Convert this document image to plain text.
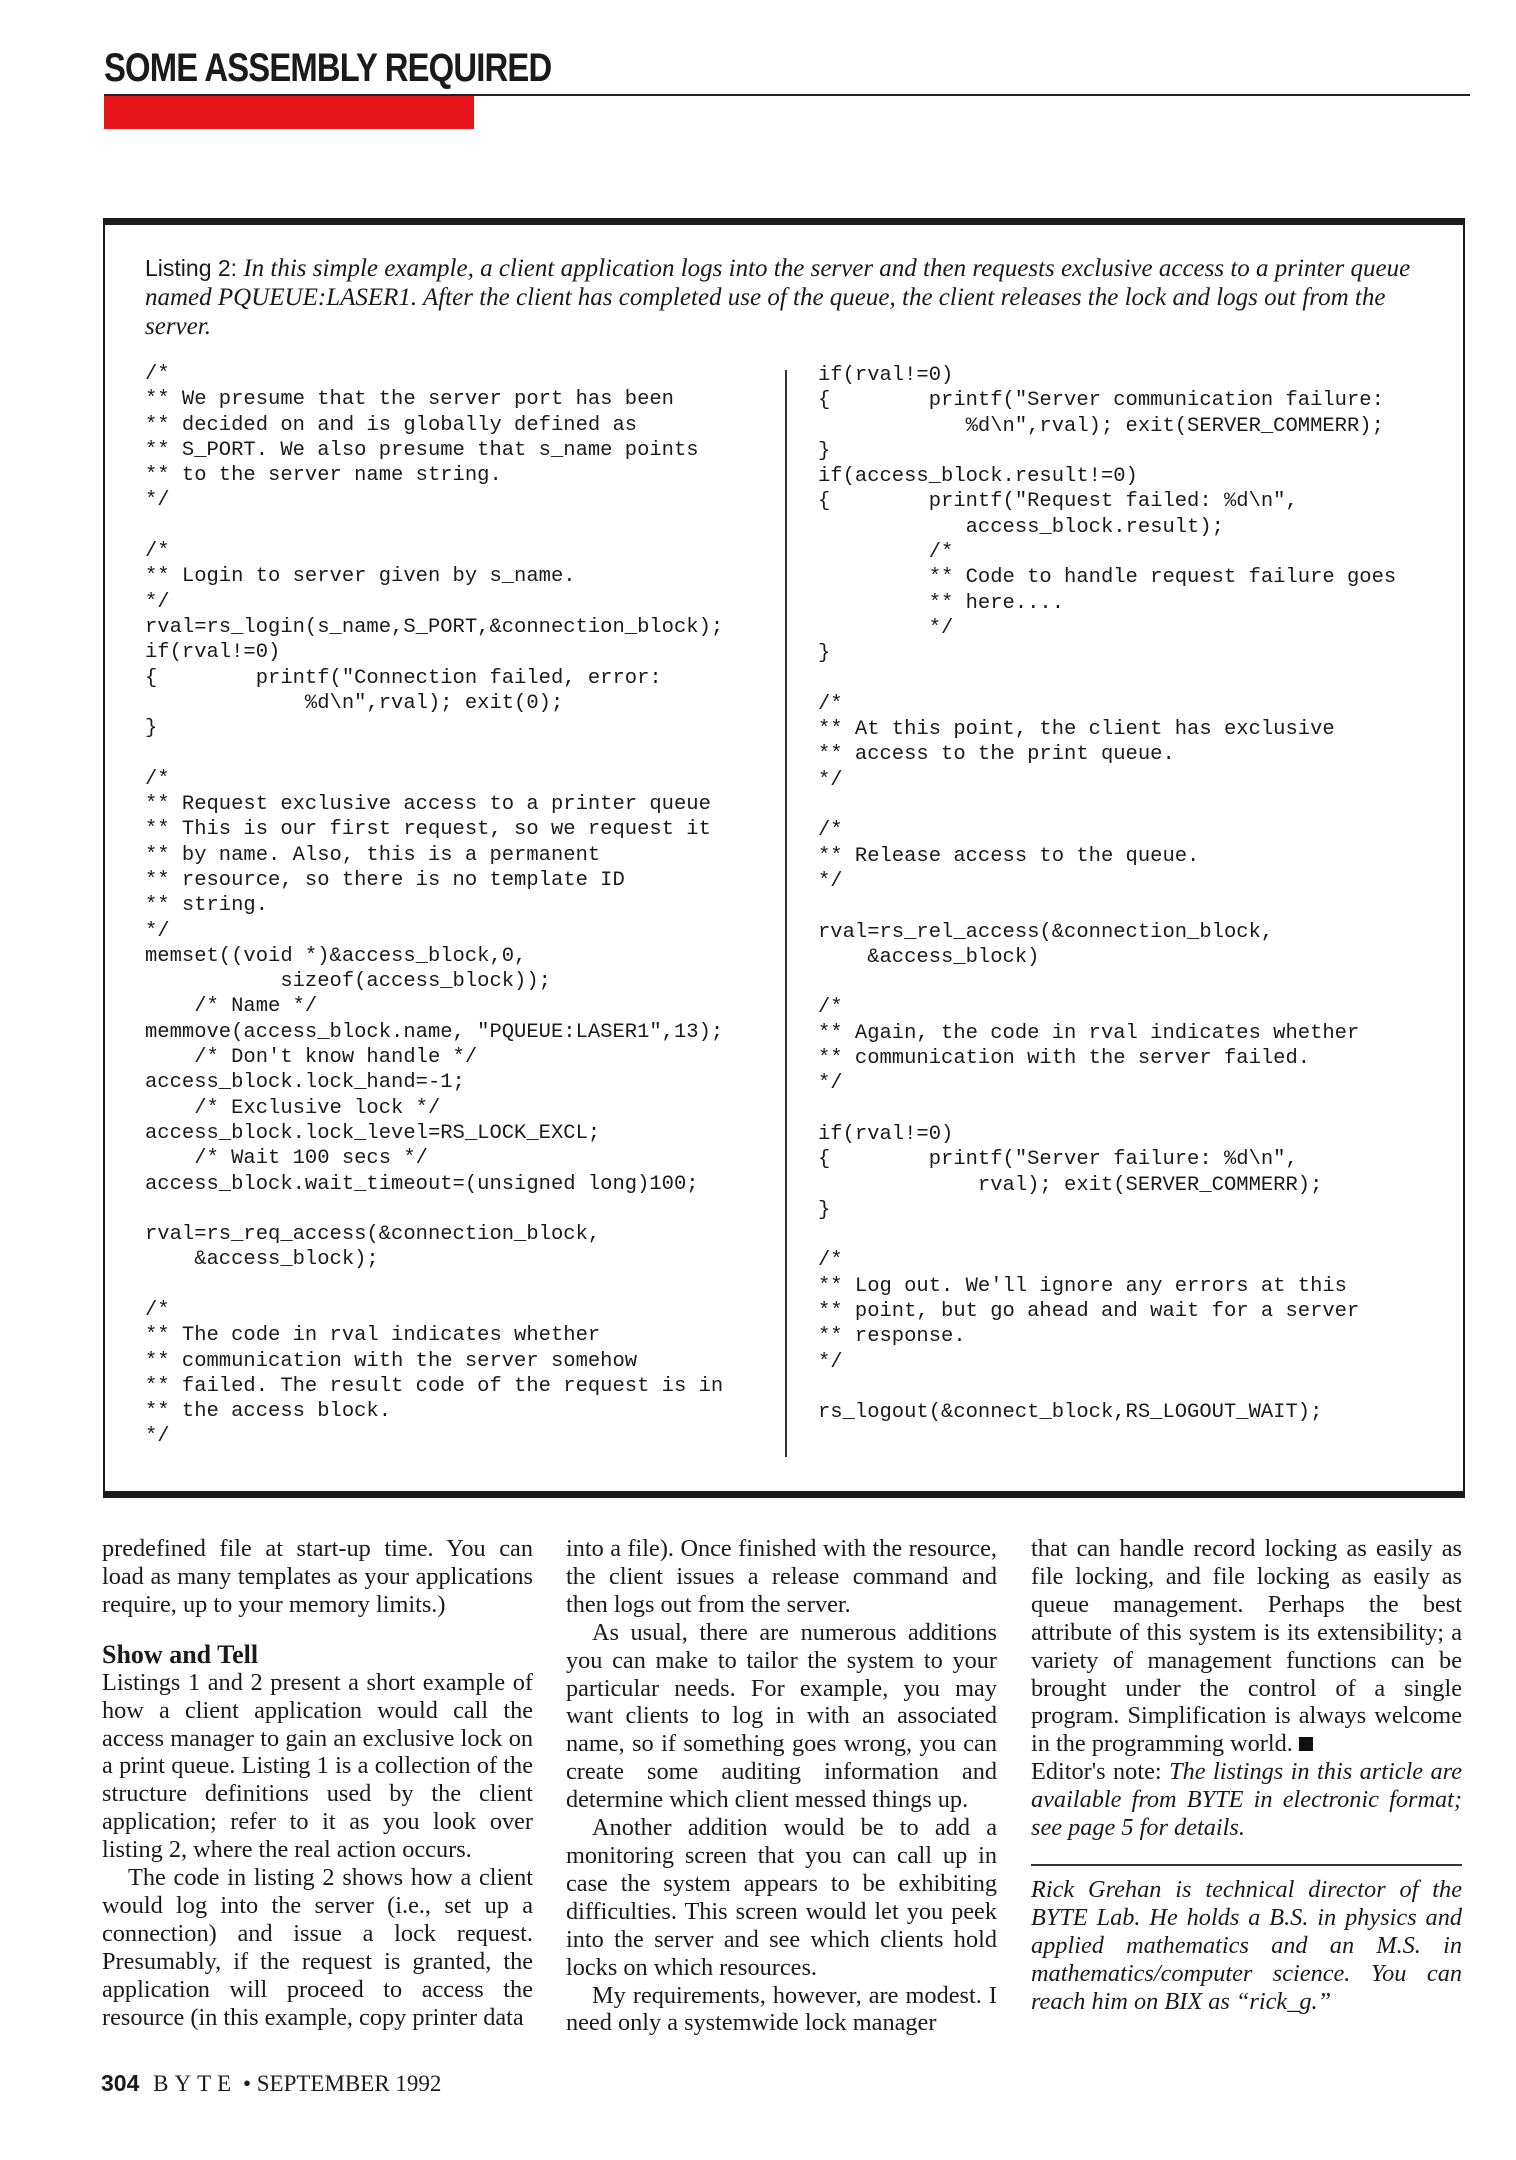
SOME ASSEMBLY REQUIRED
Listing 2: In this simple example, a client application logs into the server and then requests exclusive access to a printer queue named PQUEUE:LASER1. After the client has completed use of the queue, the client releases the lock and logs out from the server.
/*
** We presume that the server port has been
** decided on and is globally defined as
** S_PORT. We also presume that s_name points
** to the server name string.
*/

/*
** Login to server given by s_name.
*/
rval=rs_login(s_name,S_PORT,&connection_block);
if(rval!=0)
{        printf("Connection failed, error:
%d\n",rval); exit(0);
}

/*
** Request exclusive access to a printer queue
** This is our first request, so we request it
** by name. Also, this is a permanent
** resource, so there is no template ID
** string.
*/
memset((void *)&access_block,0,
sizeof(access_block));
/* Name */
memmove(access_block.name, "PQUEUE:LASER1",13);
/* Don't know handle */
access_block.lock_hand=-1;
/* Exclusive lock */
access_block.lock_level=RS_LOCK_EXCL;
/* Wait 100 secs */
access_block.wait_timeout=(unsigned long)100;

rval=rs_req_access(&connection_block,
&access_block);

/*
** The code in rval indicates whether
** communication with the server somehow
** failed. The result code of the request is in
** the access block.
*/
if(rval!=0)
{        printf("Server communication failure:
%d\n",rval); exit(SERVER_COMMERR);
}
if(access_block.result!=0)
{        printf("Request failed: %d\n",
access_block.result);
/*
** Code to handle request failure goes
** here....
*/
}

/*
** At this point, the client has exclusive
** access to the print queue.
*/

/*
** Release access to the queue.
*/

rval=rs_rel_access(&connection_block,
&access_block)

/*
** Again, the code in rval indicates whether
** communication with the server failed.
*/

if(rval!=0)
{        printf("Server failure: %d\n",
rval); exit(SERVER_COMMERR);
}

/*
** Log out. We'll ignore any errors at this
** point, but go ahead and wait for a server
** response.
*/

rs_logout(&connect_block,RS_LOGOUT_WAIT);

predefined file at start-up time. You can load as many templates as your applications require, up to your memory limits.)

Show and Tell

Listings 1 and 2 present a short example of how a client application would call the access manager to gain an exclusive lock on a print queue. Listing 1 is a collection of the structure definitions used by the client application; refer to it as you look over listing 2, where the real action occurs.

The code in listing 2 shows how a client would log into the server (i.e., set up a connection) and issue a lock request. Presumably, if the request is granted, the application will proceed to access the resource (in this example, copy printer data

into a file). Once finished with the resource, the client issues a release command and then logs out from the server.

As usual, there are numerous additions you can make to tailor the system to your particular needs. For example, you may want clients to log in with an associated name, so if something goes wrong, you can create some auditing information and determine which client messed things up.

Another addition would be to add a monitoring screen that you can call up in case the system appears to be exhibiting difficulties. This screen would let you peek into the server and see which clients hold locks on which resources.

My requirements, however, are modest. I need only a systemwide lock manager

that can handle record locking as easily as file locking, and file locking as easily as queue management. Perhaps the best attribute of this system is its extensibility; a variety of management functions can be brought under the control of a single program. Simplification is always welcome in the programming world.

Editor's note: The listings in this article are available from BYTE in electronic format; see page 5 for details.

Rick Grehan is technical director of the BYTE Lab. He holds a B.S. in physics and applied mathematics and an M.S. in mathematics/computer science. You can reach him on BIX as “rick_g.”

304 BYTE • SEPTEMBER 1992
